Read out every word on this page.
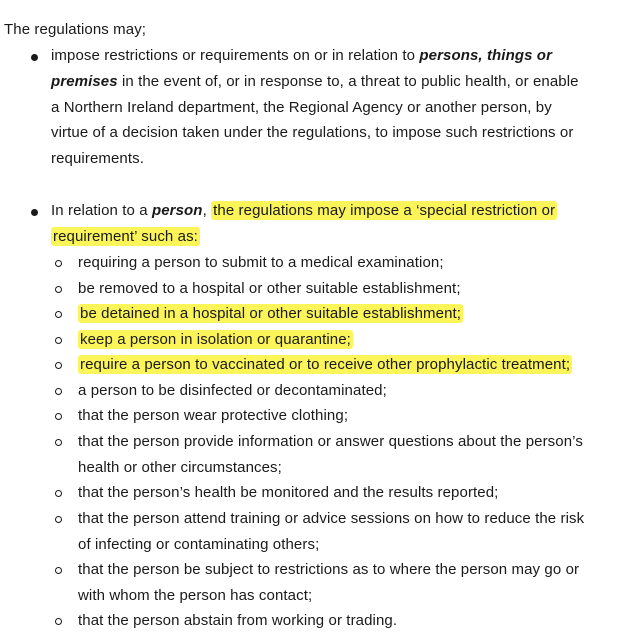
The regulations may;
impose restrictions or requirements on or in relation to persons, things or
premises in the event of, or in response to, a threat to public health, or enable
a Northern Ireland department, the Regional Agency or another person, by
virtue of a decision taken under the regulations, to impose such restrictions or
requirements.
In relation to a person, the regulations may impose a ‘special restriction or
requirement’ such as:
requiring a person to submit to a medical examination;
be removed to a hospital or other suitable establishment;
be detained in a hospital or other suitable establishment;
keep a person in isolation or quarantine;
require a person to vaccinated or to receive other prophylactic treatment;
a person to be disinfected or decontaminated;
that the person wear protective clothing;
that the person provide information or answer questions about the person’s
health or other circumstances;
that the person’s health be monitored and the results reported;
that the person attend training or advice sessions on how to reduce the risk
of infecting or contaminating others;
that the person be subject to restrictions as to where the person may go or
with whom the person has contact;
that the person abstain from working or trading.
